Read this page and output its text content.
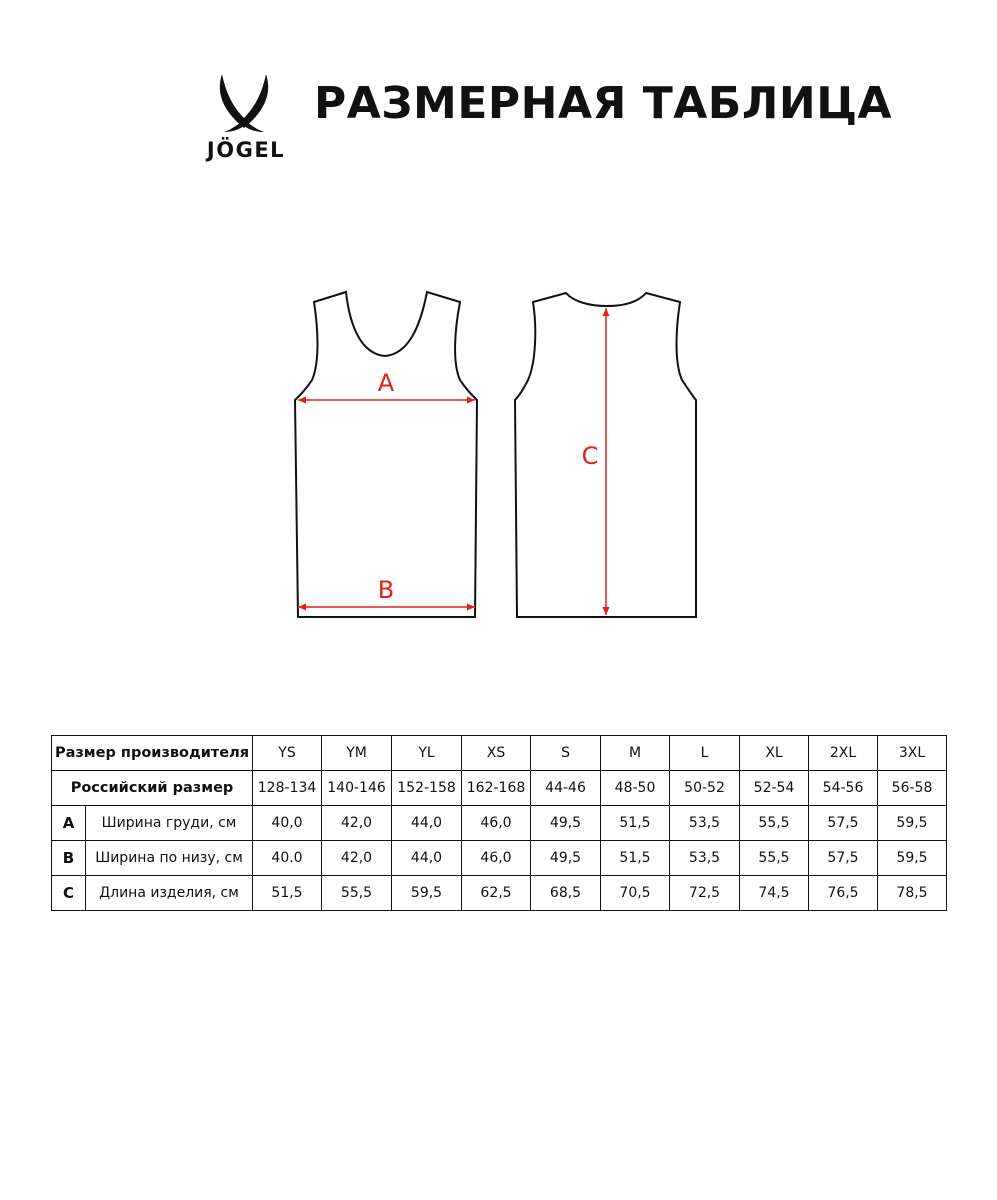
JÖGEL
РАЗМЕРНАЯ ТАБЛИЦА
A
B
C
Размер производителя		YS	YM	YL	XS	S	M	L	XL	2XL	3XL
Российский размер		128-134	140-146	152-158	162-168	44-46	48-50	50-52	52-54	54-56	56-58
A	Ширина груди, см	40,0	42,0	44,0	46,0	49,5	51,5	53,5	55,5	57,5	59,5
B	Ширина по низу, см	40.0	42,0	44,0	46,0	49,5	51,5	53,5	55,5	57,5	59,5
C	Длина изделия, см	51,5	55,5	59,5	62,5	68,5	70,5	72,5	74,5	76,5	78,5
